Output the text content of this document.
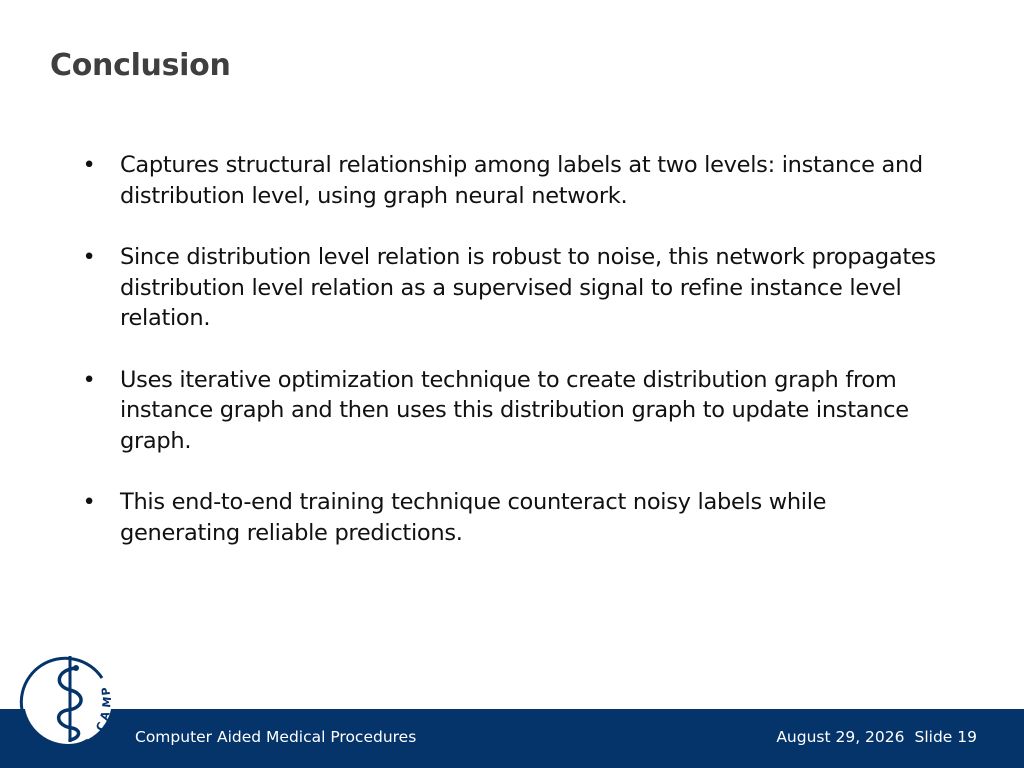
Conclusion
• Captures structural relationship among labels at two levels: instance and distribution level, using graph neural network.
• Since distribution level relation is robust to noise, this network propagates distribution level relation as a supervised signal to refine instance level relation.
• Uses iterative optimization technique to create distribution graph from instance graph and then uses this distribution graph to update instance graph.
• This end-to-end training technique counteract noisy labels while generating reliable predictions.
C
A
M
P
Computer Aided Medical Procedures	August 29, 2026 Slide 19
